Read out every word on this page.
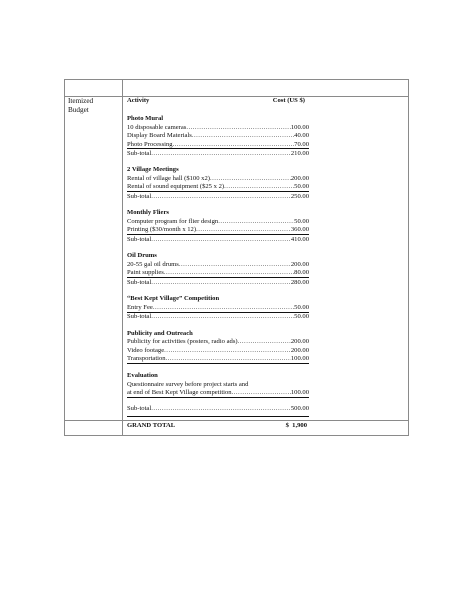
Itemized
Budget
Activity	Cost (US $)
Photo Mural
10 disposable cameras .....	100.00
Display Board Materials .....	40.00
Photo Processing .....	70.00
Sub-total .....	210.00
2 Village Meetings
Rental of village hall ($100 x2) .....	200.00
Rental of sound equipment ($25 x 2) .....	50.00
Sub-total .....	250.00
Monthly Fliers
Computer program for flier design .....	50.00
Printing ($30/month x 12) .....	360.00
Sub-total .....	410.00
Oil Drums
20-55 gal oil drums .....	200.00
Paint supplies .....	80.00
Sub-total .....	280.00
“Best Kept Village” Competition
Entry Fee .....	50.00
Sub-total .....	50.00
Publicity and Outreach
Publicity for activities (posters, radio ads) .....	200.00
Video footage .....	200.00
Transportation .....	100.00
Evaluation
Questionnaire survey before project starts and
at end of Best Kept Village competition .....	100.00
Sub-total .....	500.00
GRAND TOTAL	$ 1,900
